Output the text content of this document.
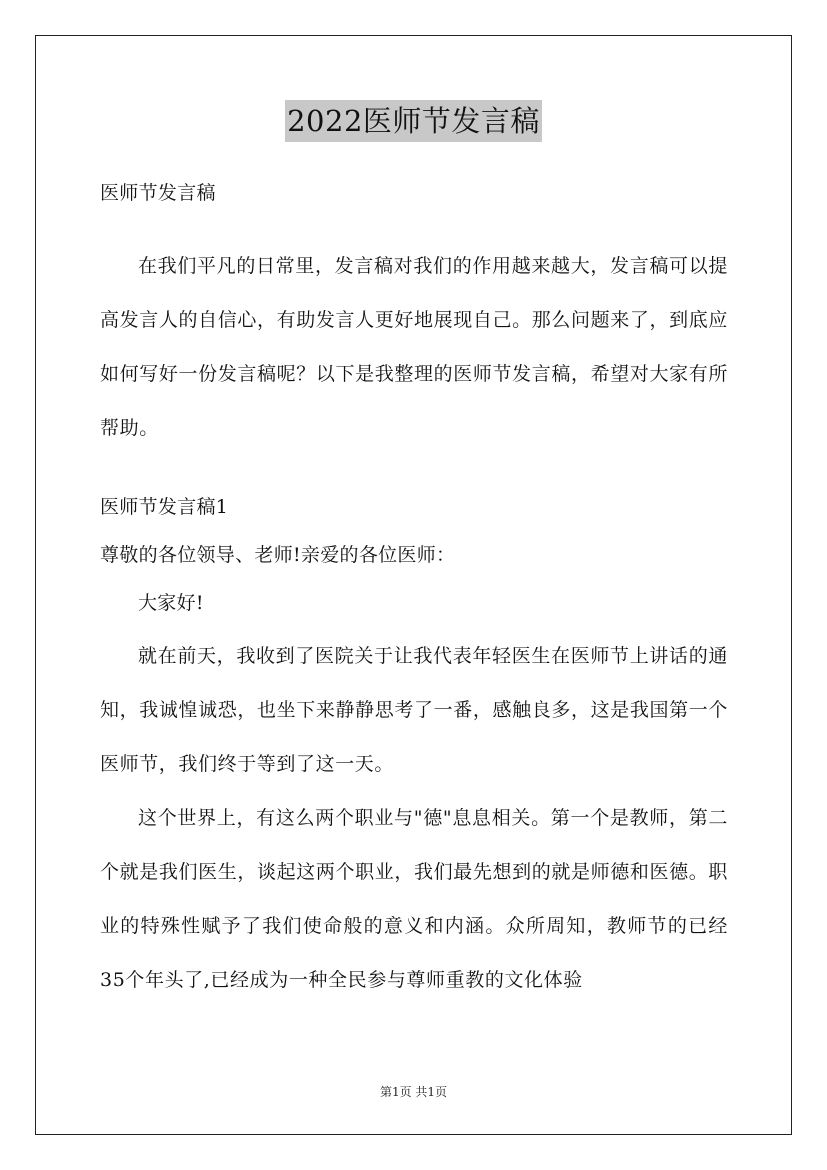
2022医师节发言稿
医师节发言稿

在我们平凡的日常里，发言稿对我们的作用越来越大，发言稿可以提高发言人的自信心，有助发言人更好地展现自己。那么问题来了，到底应如何写好一份发言稿呢？以下是我整理的医师节发言稿，希望对大家有所帮助。

医师节发言稿1
尊敬的各位领导、老师!亲爱的各位医师：
大家好!

就在前天，我收到了医院关于让我代表年轻医生在医师节上讲话的通知，我诚惶诚恐，也坐下来静静思考了一番，感触良多，这是我国第一个医师节，我们终于等到了这一天。

这个世界上，有这么两个职业与"德"息息相关。第一个是教师，第二个就是我们医生，谈起这两个职业，我们最先想到的就是师德和医德。职业的特殊性赋予了我们使命般的意义和内涵。众所周知，教师节的已经35个年头了,已经成为一种全民参与尊师重教的文化体验

第1页 共1页
